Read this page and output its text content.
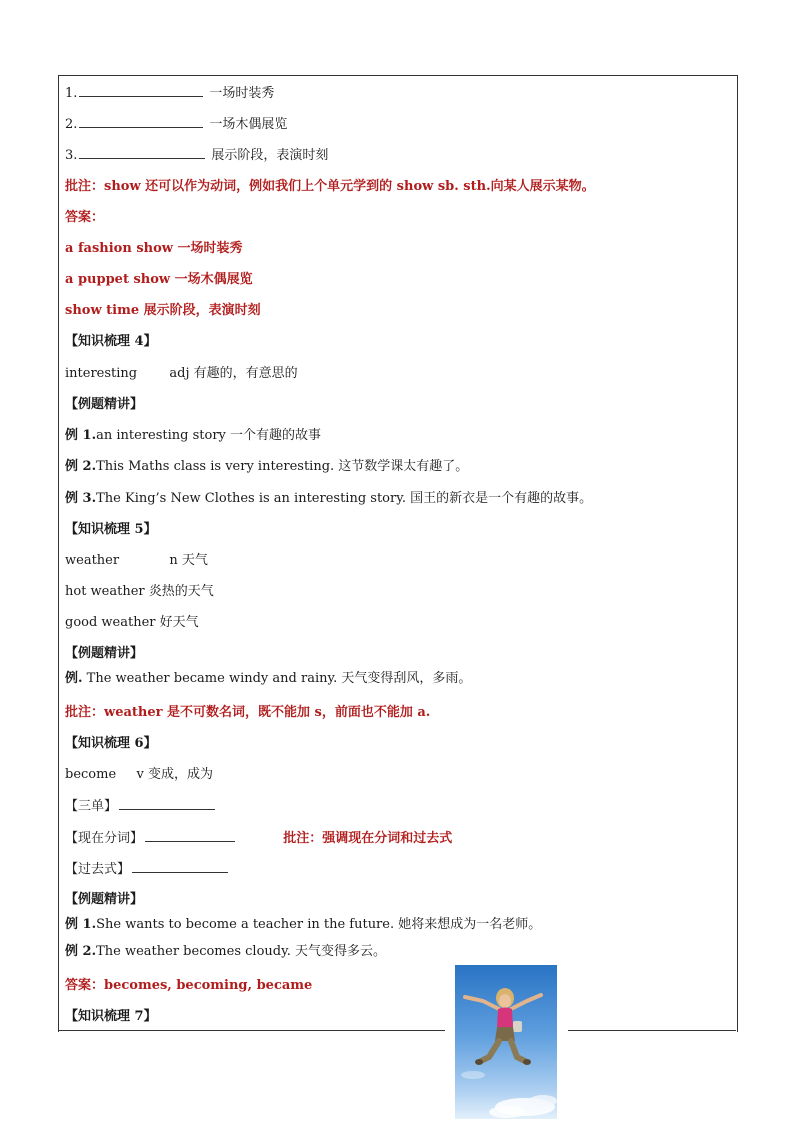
1.	一场时装秀
2.	一场木偶展览
3.	展示阶段，表演时刻
批注：show 还可以作为动词，例如我们上个单元学到的 show sb. sth.向某人展示某物。
答案：
a fashion show 一场时装秀
a puppet show 一场木偶展览
show time 展示阶段，表演时刻
【知识梳理 4】
interesting adj 有趣的，有意思的
【例题精讲】
例 1.an interesting story 一个有趣的故事
例 2.This Maths class is very interesting. 这节数学课太有趣了。
例 3.The King’s New Clothes is an interesting story. 国王的新衣是一个有趣的故事。
【知识梳理 5】
weather	n 天气
hot weather 炎热的天气
good weather 好天气
【例题精讲】
例. The weather became windy and rainy. 天气变得刮风，多雨。
批注：weather 是不可数名词，既不能加 s，前面也不能加 a.
【知识梳理 6】
become v 变成，成为
【三单】
【现在分词】	批注：强调现在分词和过去式
【过去式】
【例题精讲】
例 1.She wants to become a teacher in the future. 她将来想成为一名老师。
例 2.The weather becomes cloudy. 天气变得多云。
答案：becomes, becoming, became
【知识梳理 7】
